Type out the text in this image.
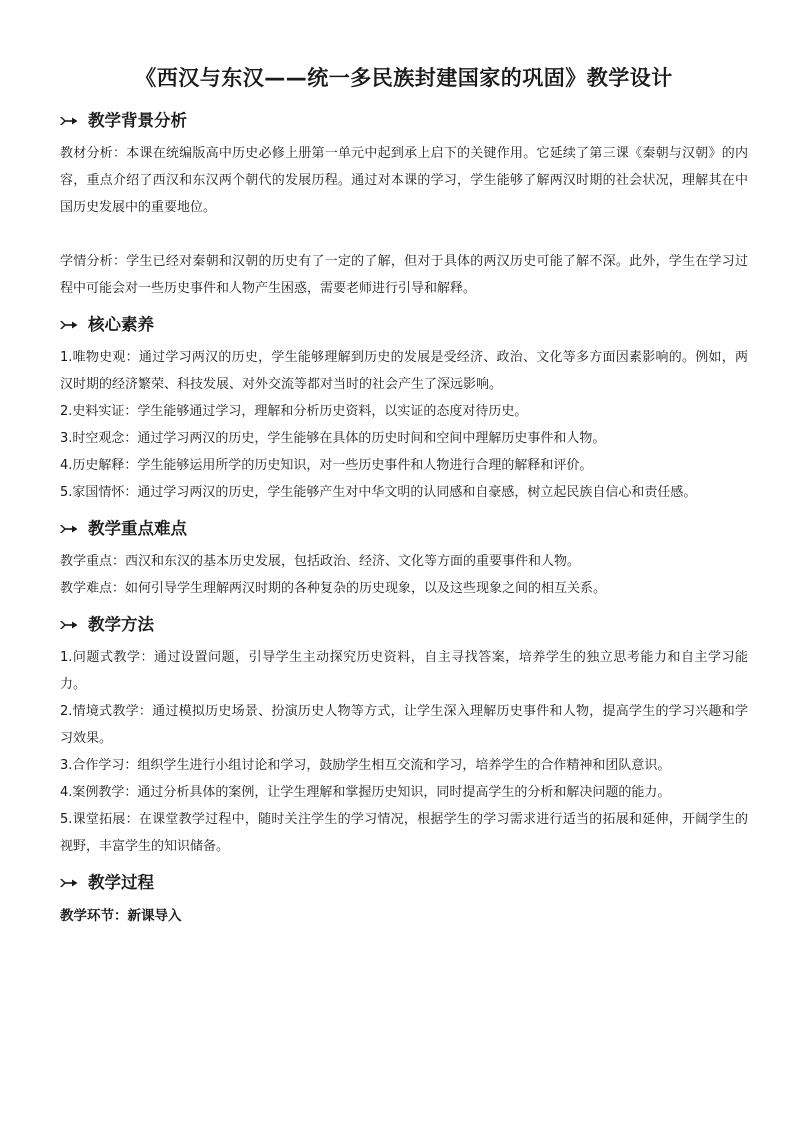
《西汉与东汉——统一多民族封建国家的巩固》教学设计
教学背景分析

教材分析：本课在统编版高中历史必修上册第一单元中起到承上启下的关键作用。它延续了第三课《秦朝与汉朝》的内容，重点介绍了西汉和东汉两个朝代的发展历程。通过对本课的学习，学生能够了解两汉时期的社会状况，理解其在中国历史发展中的重要地位。

学情分析：学生已经对秦朝和汉朝的历史有了一定的了解，但对于具体的两汉历史可能了解不深。此外，学生在学习过程中可能会对一些历史事件和人物产生困惑，需要老师进行引导和解释。

核心素养

1.唯物史观：通过学习两汉的历史，学生能够理解到历史的发展是受经济、政治、文化等多方面因素影响的。例如，两汉时期的经济繁荣、科技发展、对外交流等都对当时的社会产生了深远影响。

2.史料实证：学生能够通过学习，理解和分析历史资料，以实证的态度对待历史。

3.时空观念：通过学习两汉的历史，学生能够在具体的历史时间和空间中理解历史事件和人物。

4.历史解释：学生能够运用所学的历史知识，对一些历史事件和人物进行合理的解释和评价。

5.家国情怀：通过学习两汉的历史，学生能够产生对中华文明的认同感和自豪感，树立起民族自信心和责任感。

教学重点难点

教学重点：西汉和东汉的基本历史发展，包括政治、经济、文化等方面的重要事件和人物。

教学难点：如何引导学生理解两汉时期的各种复杂的历史现象，以及这些现象之间的相互关系。

教学方法

1.问题式教学：通过设置问题，引导学生主动探究历史资料，自主寻找答案，培养学生的独立思考能力和自主学习能力。

2.情境式教学：通过模拟历史场景、扮演历史人物等方式，让学生深入理解历史事件和人物，提高学生的学习兴趣和学习效果。

3.合作学习：组织学生进行小组讨论和学习，鼓励学生相互交流和学习，培养学生的合作精神和团队意识。

4.案例教学：通过分析具体的案例，让学生理解和掌握历史知识，同时提高学生的分析和解决问题的能力。

5.课堂拓展：在课堂教学过程中，随时关注学生的学习情况，根据学生的学习需求进行适当的拓展和延伸，开阔学生的视野，丰富学生的知识储备。

教学过程

教学环节：新课导入
